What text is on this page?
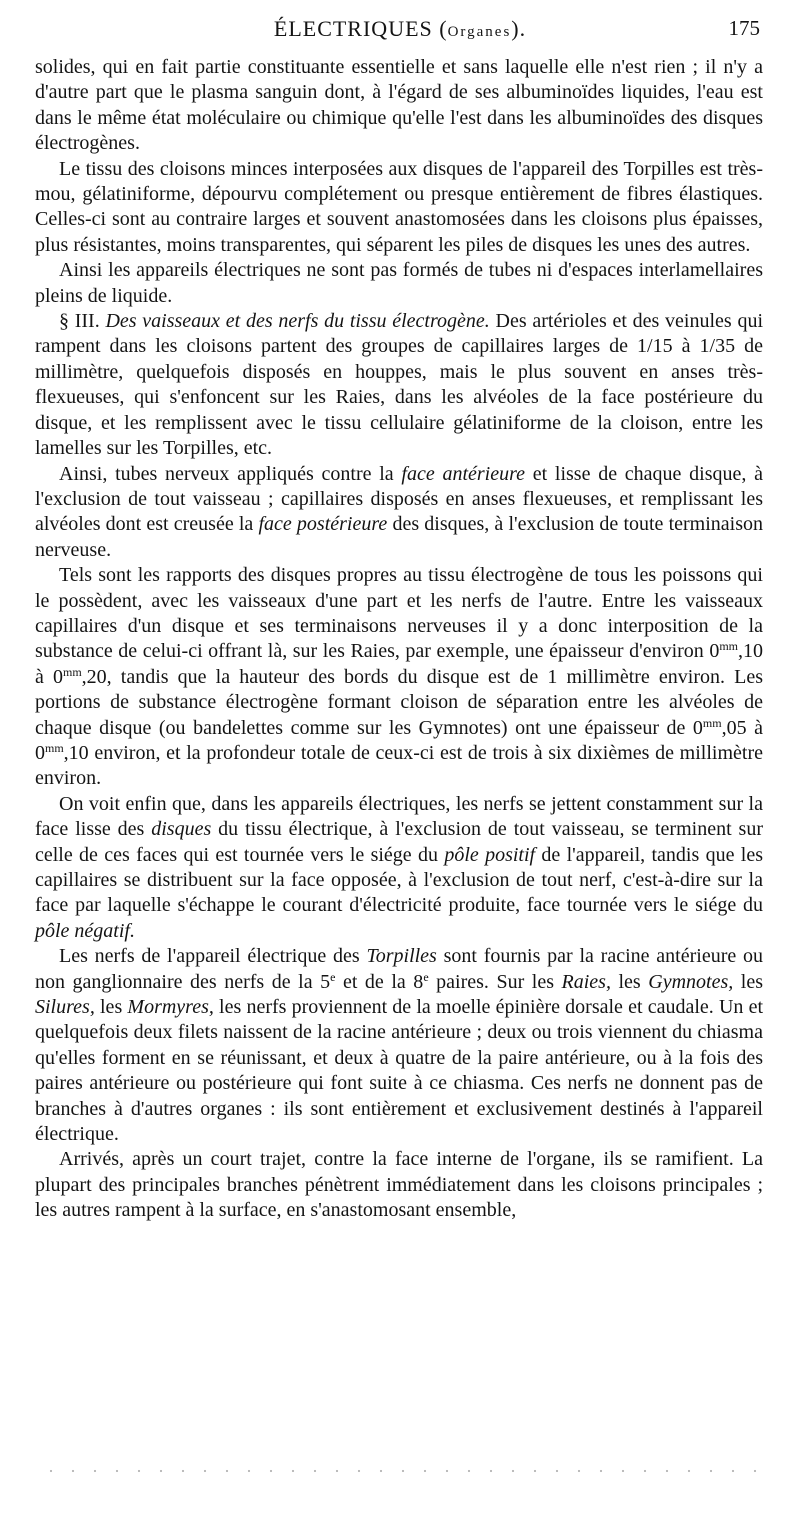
ÉLECTRIQUES (Organes).	175

solides, qui en fait partie constituante essentielle et sans laquelle elle n'est rien ; il n'y a d'autre part que le plasma sanguin dont, à l'égard de ses albuminoïdes liquides, l'eau est dans le même état moléculaire ou chimique qu'elle l'est dans les albuminoïdes des disques électrogènes.

Le tissu des cloisons minces interposées aux disques de l'appareil des Torpilles est très-mou, gélatiniforme, dépourvu complétement ou presque entièrement de fibres élastiques. Celles-ci sont au contraire larges et souvent anastomosées dans les cloisons plus épaisses, plus résistantes, moins transparentes, qui séparent les piles de disques les unes des autres.

Ainsi les appareils électriques ne sont pas formés de tubes ni d'espaces interlamellaires pleins de liquide.

§ III. Des vaisseaux et des nerfs du tissu électrogène. Des artérioles et des veinules qui rampent dans les cloisons partent des groupes de capillaires larges de 1/15 à 1/35 de millimètre, quelquefois disposés en houppes, mais le plus souvent en anses très-flexueuses, qui s'enfoncent sur les Raies, dans les alvéoles de la face postérieure du disque, et les remplissent avec le tissu cellulaire gélatiniforme de la cloison, entre les lamelles sur les Torpilles, etc.

Ainsi, tubes nerveux appliqués contre la face antérieure et lisse de chaque disque, à l'exclusion de tout vaisseau ; capillaires disposés en anses flexueuses, et remplissant les alvéoles dont est creusée la face postérieure des disques, à l'exclusion de toute terminaison nerveuse.

Tels sont les rapports des disques propres au tissu électrogène de tous les poissons qui le possèdent, avec les vaisseaux d'une part et les nerfs de l'autre. Entre les vaisseaux capillaires d'un disque et ses terminaisons nerveuses il y a donc interposition de la substance de celui-ci offrant là, sur les Raies, par exemple, une épaisseur d'environ $0^{mm},10$ à $0^{mm},20$, tandis que la hauteur des bords du disque est de 1 millimètre environ. Les portions de substance électrogène formant cloison de séparation entre les alvéoles de chaque disque (ou bandelettes comme sur les Gymnotes) ont une épaisseur de $0^{mm},05$ à $0^{mm},10$ environ, et la profondeur totale de ceux-ci est de trois à six dixièmes de millimètre environ.

On voit enfin que, dans les appareils électriques, les nerfs se jettent constamment sur la face lisse des disques du tissu électrique, à l'exclusion de tout vaisseau, se terminent sur celle de ces faces qui est tournée vers le siége du pôle positif de l'appareil, tandis que les capillaires se distribuent sur la face opposée, à l'exclusion de tout nerf, c'est-à-dire sur la face par laquelle s'échappe le courant d'électricité produite, face tournée vers le siége du pôle négatif.

Les nerfs de l'appareil électrique des Torpilles sont fournis par la racine antérieure ou non ganglionnaire des nerfs de la 5e et de la 8e paires. Sur les Raies, les Gymnotes, les Silures, les Mormyres, les nerfs proviennent de la moelle épinière dorsale et caudale. Un et quelquefois deux filets naissent de la racine antérieure ; deux ou trois viennent du chiasma qu'elles forment en se réunissant, et deux à quatre de la paire antérieure, ou à la fois des paires antérieure ou postérieure qui font suite à ce chiasma. Ces nerfs ne donnent pas de branches à d'autres organes : ils sont entièrement et exclusivement destinés à l'appareil électrique.

Arrivés, après un court trajet, contre la face interne de l'organe, ils se ramifient. La plupart des principales branches pénètrent immédiatement dans les cloisons principales ; les autres rampent à la surface, en s'anastomosant ensemble,
